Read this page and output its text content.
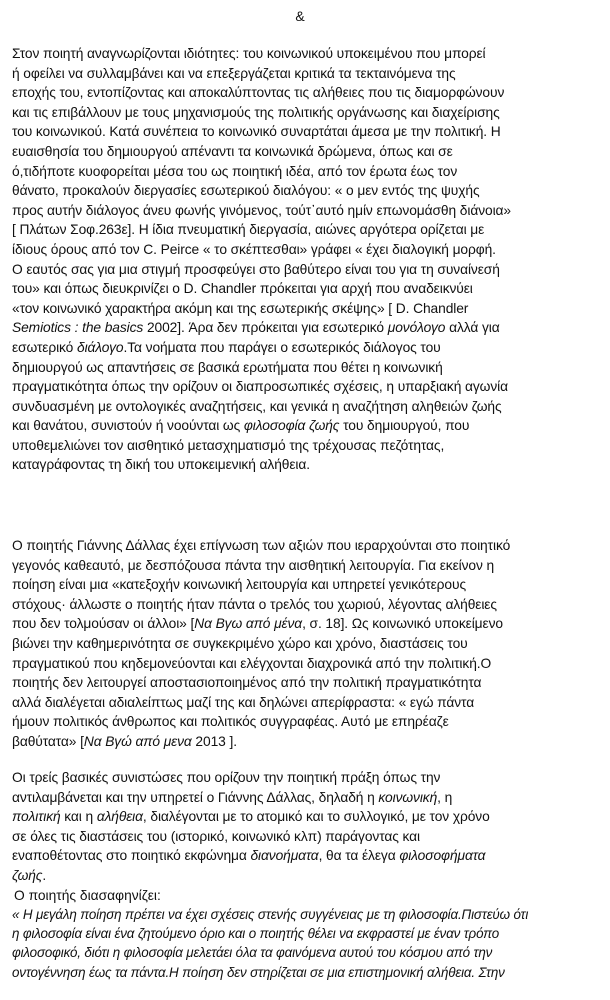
&
Στον ποιητή αναγνωρίζονται ιδιότητες: του κοινωνικού υποκειμένου που μπορεί
ή οφείλει να συλλαμβάνει και να επεξεργάζεται κριτικά τα τεκταινόμενα της
εποχής του, εντοπίζοντας και αποκαλύπτοντας τις αλήθειες που τις διαμορφώνουν
και τις επιβάλλουν με τους μηχανισμούς της πολιτικής οργάνωσης και διαχείρισης
του κοινωνικού. Κατά συνέπεια το κοινωνικό συναρτάται άμεσα με την πολιτική. Η
ευαισθησία του δημιουργού απέναντι τα κοινωνικά δρώμενα, όπως και σε
ό,τιδήποτε κυοφορείται μέσα του ως ποιητική ιδέα, από τον έρωτα έως τον
θάνατο, προκαλούν διεργασίες εσωτερικού διαλόγου: « ο μεν εντός της ψυχής
προς αυτήν διάλογος άνευ φωνής γινόμενος, τούτ᾽αυτό ημίν επωνομάσθη διάνοια»
[ Πλάτων Σοφ.263ε]. Η ίδια πνευματική διεργασία, αιώνες αργότερα ορίζεται με
ίδιους όρους από τον C. Peirce « το σκέπτεσθαι» γράφει « έχει διαλογική μορφή.
Ο εαυτός σας για μια στιγμή προσφεύγει στο βαθύτερο είναι του για τη συναίνεσή
του» και όπως διευκρινίζει ο D. Chandler πρόκειται για αρχή που αναδεικνύει
«τον κοινωνικό χαρακτήρα ακόμη και της εσωτερικής σκέψης» [ D. Chandler
Semiotics : the basics 2002]. Άρα δεν πρόκειται για εσωτερικό μονόλογο αλλά για
εσωτερικό διάλογο.Τα νοήματα που παράγει ο εσωτερικός διάλογος του
δημιουργού ως απαντήσεις σε βασικά ερωτήματα που θέτει η κοινωνική
πραγματικότητα όπως την ορίζουν οι διαπροσωπικές σχέσεις, η υπαρξιακή αγωνία
συνδυασμένη με οντολογικές αναζητήσεις, και γενικά η αναζήτηση αληθειών ζωής
και θανάτου, συνιστούν ή νοούνται ως φιλοσοφία ζωής του δημιουργού, που
υποθεμελιώνει τον αισθητικό μετασχηματισμό της τρέχουσας πεζότητας,
καταγράφοντας τη δική του υποκειμενική αλήθεια.
Ο ποιητής Γιάννης Δάλλας έχει επίγνωση των αξιών που ιεραρχούνται στο ποιητικό
γεγονός καθεαυτό, με δεσπόζουσα πάντα την αισθητική λειτουργία. Για εκείνον η
ποίηση είναι μια «κατεξοχήν κοινωνική λειτουργία και υπηρετεί γενικότερους
στόχους· άλλωστε ο ποιητής ήταν πάντα ο τρελός του χωριού, λέγοντας αλήθειες
που δεν τολμούσαν οι άλλοι» [Να Βγω από μένα, σ. 18]. Ως κοινωνικό υποκείμενο
βιώνει την καθημερινότητα σε συγκεκριμένο χώρο και χρόνο, διαστάσεις του
πραγματικού που κηδεμονεύονται και ελέγχονται διαχρονικά από την πολιτική.Ο
ποιητής δεν λειτουργεί αποστασιοποιημένος από την πολιτική πραγματικότητα
αλλά διαλέγεται αδιαλείπτως μαζί της και δηλώνει απερίφραστα: « εγώ πάντα
ήμουν πολιτικός άνθρωπος και πολιτικός συγγραφέας. Αυτό με επηρέαζε
βαθύτατα» [Να Βγώ από μενα 2013 ].
Οι τρείς βασικές συνιστώσες που ορίζουν την ποιητική πράξη όπως την
αντιλαμβάνεται και την υπηρετεί ο Γιάννης Δάλλας, δηλαδή η κοινωνική, η
πολιτική και η αλήθεια, διαλέγονται με το ατομικό και το συλλογικό, με τον χρόνο
σε όλες τις διαστάσεις του (ιστορικό, κοινωνικό κλπ) παράγοντας και
εναποθέτοντας στο ποιητικό εκφώνημα διανοήματα, θα τα έλεγα φιλοσοφήματα
ζωής.
Ο ποιητής διασαφηνίζει:
« Η μεγάλη ποίηση πρέπει να έχει σχέσεις στενής συγγένειας με τη φιλοσοφία.Πιστεύω ότι
η φιλοσοφία είναι ένα ζητούμενο όριο και ο ποιητής θέλει να εκφραστεί με έναν τρόπο
φιλοσοφικό, διότι η φιλοσοφία μελετάει όλα τα φαινόμενα αυτού του κόσμου από την
οντογέννηση έως τα πάντα.Η ποίηση δεν στηρίζεται σε μια επιστημονική αλήθεια. Στην
